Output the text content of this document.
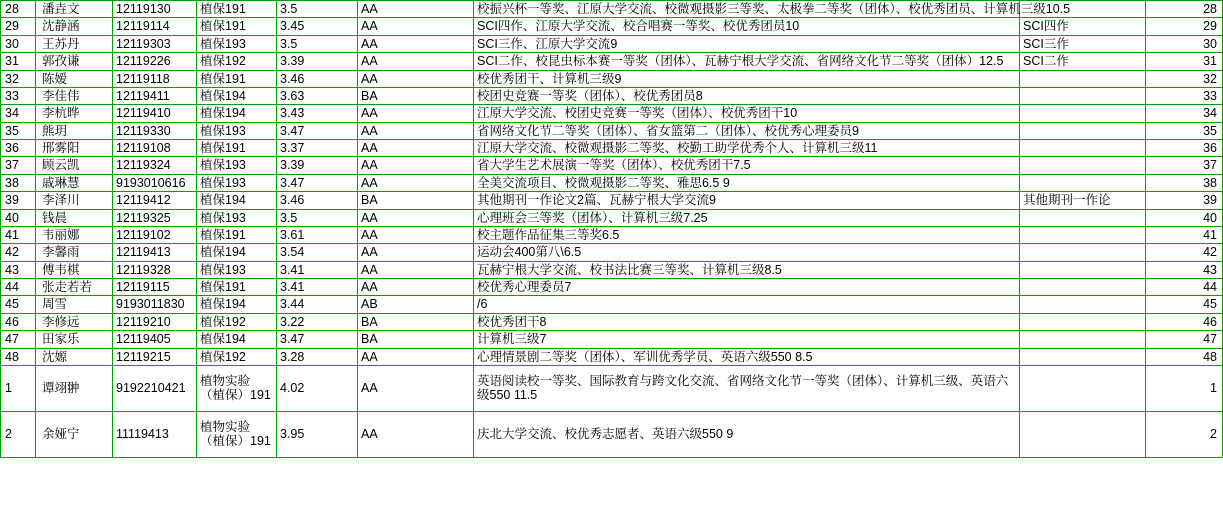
28	潘垚文	12119130	植保191	3.5	AA	校振兴杯一等奖、江原大学交流、校微观摄影三等奖、太极拳二等奖（团体）、校优秀团员、计算机三级10.5		28
29	沈静涵	12119114	植保191	3.45	AA	SCI四作、江原大学交流、校合唱赛一等奖、校优秀团员10	SCI四作	29
30	王苏丹	12119303	植保193	3.5	AA	SCI三作、江原大学交流9	SCI三作	30
31	郭孜谦	12119226	植保192	3.39	AA	SCI二作、校昆虫标本赛一等奖（团体）、瓦赫宁根大学交流、省网络文化节二等奖（团体）12.5	SCI二作	31
32	陈嫒	12119118	植保191	3.46	AA	校优秀团干、计算机三级9		32
33	李佳伟	12119411	植保194	3.63	BA	校团史竞赛一等奖（团体）、校优秀团员8		33
34	李杭晔	12119410	植保194	3.43	AA	江原大学交流、校团史竞赛一等奖（团体）、校优秀团干10		34
35	熊玥	12119330	植保193	3.47	AA	省网络文化节二等奖（团体）、省女篮第二（团体）、校优秀心理委员9		35
36	邢雾阳	12119108	植保191	3.37	AA	江原大学交流、校微观摄影二等奖、校勤工助学优秀个人、计算机三级11		36
37	顾云凯	12119324	植保193	3.39	AA	省大学生艺术展演一等奖（团体）、校优秀团干7.5		37
38	戚琳慧	9193010616	植保193	3.47	AA	全美交流项目、校微观摄影二等奖、雅思6.5 9		38
39	李泽川	12119412	植保194	3.46	BA	其他期刊一作论文2篇、瓦赫宁根大学交流9	其他期刊一作论	39
40	钱晨	12119325	植保193	3.5	AA	心理班会三等奖（团体）、计算机三级7.25		40
41	韦丽娜	12119102	植保191	3.61	AA	校主题作品征集三等奖6.5		41
42	李馨雨	12119413	植保194	3.54	AA	运动会400第八\6.5		42
43	傅韦棋	12119328	植保193	3.41	AA	瓦赫宁根大学交流、校书法比赛三等奖、计算机三级8.5		43
44	张走若若	12119115	植保191	3.41	AA	校优秀心理委员7		44
45	周雪	9193011830	植保194	3.44	AB	/6		45
46	李修远	12119210	植保192	3.22	BA	校优秀团干8		46
47	田家乐	12119405	植保194	3.47	BA	计算机三级7		47
48	沈嫄	12119215	植保192	3.28	AA	心理情景剧二等奖（团体）、军训优秀学员、英语六级550 8.5		48
1	谭翊翀	9192210421	植物实验（植保）191	4.02	AA	英语阅读校一等奖、国际教育与跨文化交流、省网络文化节一等奖（团体）、计算机三级、英语六级550 11.5		1
2	余娅宁	11119413	植物实验（植保）191	3.95	AA	庆北大学交流、校优秀志愿者、英语六级550 9		2
